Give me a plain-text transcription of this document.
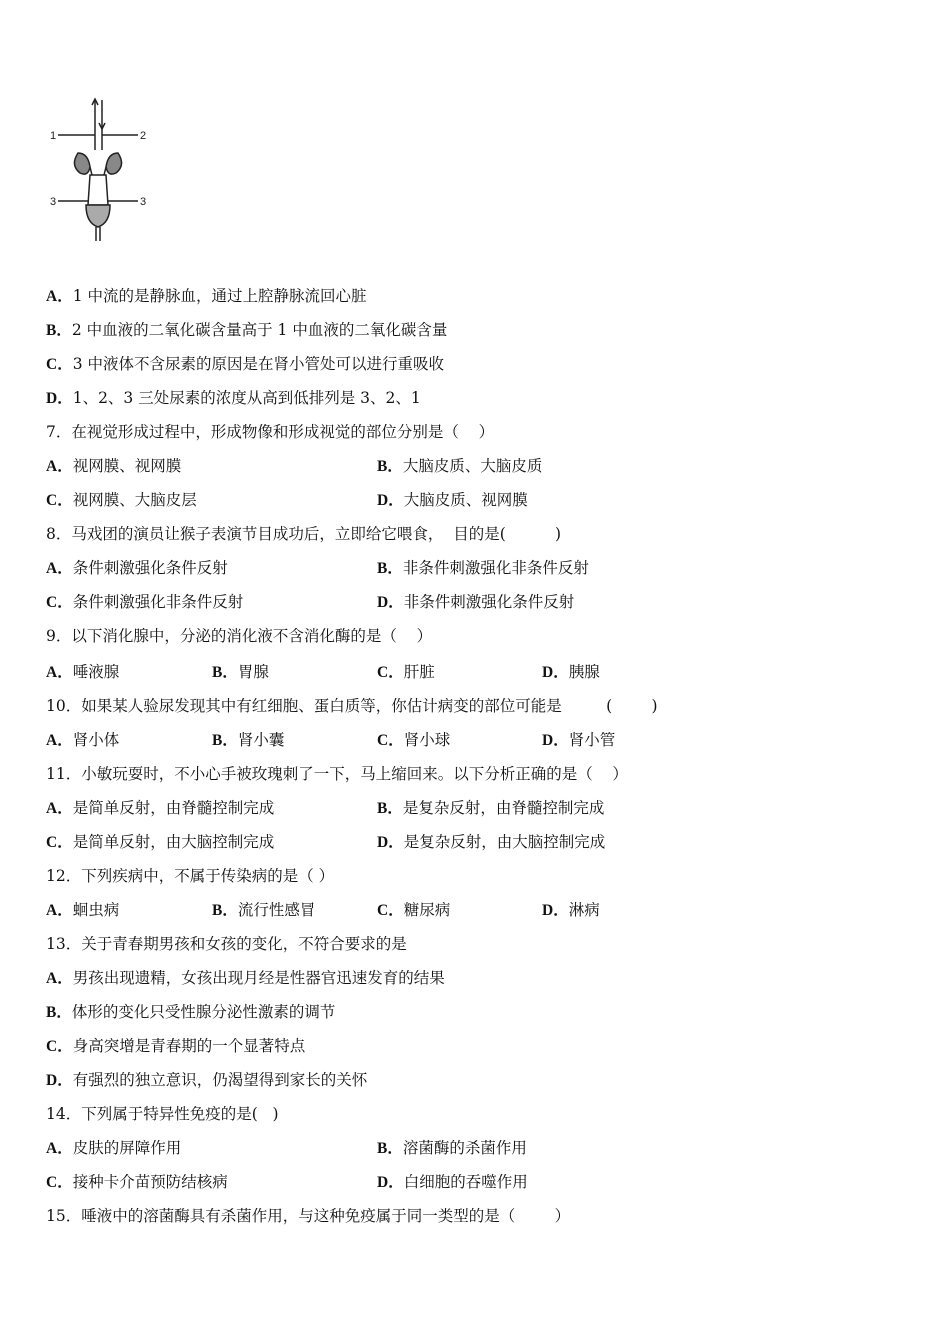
1	2
3	3
A．1 中流的是静脉血，通过上腔静脉流回心脏
B．2 中血液的二氧化碳含量高于 1 中血液的二氧化碳含量
C．3 中液体不含尿素的原因是在肾小管处可以进行重吸收
D．1、2、3 三处尿素的浓度从高到低排列是 3、2、1
7．在视觉形成过程中，形成物像和形成视觉的部位分别是（    ）
A．视网膜、视网膜	B．大脑皮质、大脑皮质
C．视网膜、大脑皮层	D．大脑皮质、视网膜
8．马戏团的演员让猴子表演节目成功后，立即给它喂食，  目的是(          )
A．条件刺激强化条件反射	B．非条件刺激强化非条件反射
C．条件刺激强化非条件反射	D．非条件刺激强化条件反射
9．以下消化腺中，分泌的消化液不含消化酶的是（    ）
A．唾液腺	B．胃腺	C．肝脏	D．胰腺
10．如果某人验尿发现其中有红细胞、蛋白质等，你估计病变的部位可能是         (        )
A．肾小体	B．肾小囊	C．肾小球	D．肾小管
11．小敏玩耍时，不小心手被玫瑰刺了一下，马上缩回来。以下分析正确的是（    ）
A．是简单反射，由脊髓控制完成	B．是复杂反射，由脊髓控制完成
C．是简单反射，由大脑控制完成	D．是复杂反射，由大脑控制完成
12．下列疾病中，不属于传染病的是（ ）
A．蛔虫病	B．流行性感冒	C．糖尿病	D．淋病
13．关于青春期男孩和女孩的变化，不符合要求的是
A．男孩出现遗精，女孩出现月经是性器官迅速发育的结果
B．体形的变化只受性腺分泌性激素的调节
C．身高突增是青春期的一个显著特点
D．有强烈的独立意识，仍渴望得到家长的关怀
14．下列属于特异性免疫的是(   )
A．皮肤的屏障作用	B．溶菌酶的杀菌作用
C．接种卡介苗预防结核病	D．白细胞的吞噬作用
15．唾液中的溶菌酶具有杀菌作用，与这种免疫属于同一类型的是（        ）
